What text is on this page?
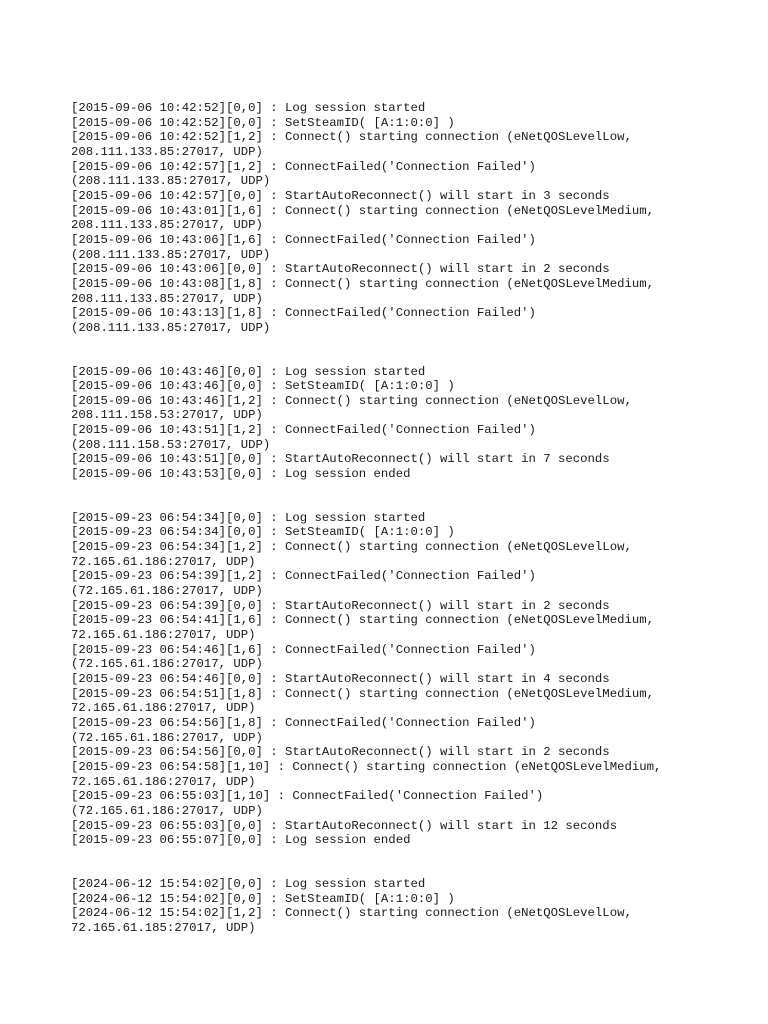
[2015-09-06 10:42:52][0,0] : Log session started
[2015-09-06 10:42:52][0,0] : SetSteamID( [A:1:0:0] )
[2015-09-06 10:42:52][1,2] : Connect() starting connection (eNetQOSLevelLow,
208.111.133.85:27017, UDP)
[2015-09-06 10:42:57][1,2] : ConnectFailed('Connection Failed')
(208.111.133.85:27017, UDP)
[2015-09-06 10:42:57][0,0] : StartAutoReconnect() will start in 3 seconds
[2015-09-06 10:43:01][1,6] : Connect() starting connection (eNetQOSLevelMedium,
208.111.133.85:27017, UDP)
[2015-09-06 10:43:06][1,6] : ConnectFailed('Connection Failed')
(208.111.133.85:27017, UDP)
[2015-09-06 10:43:06][0,0] : StartAutoReconnect() will start in 2 seconds
[2015-09-06 10:43:08][1,8] : Connect() starting connection (eNetQOSLevelMedium,
208.111.133.85:27017, UDP)
[2015-09-06 10:43:13][1,8] : ConnectFailed('Connection Failed')
(208.111.133.85:27017, UDP)
[2015-09-06 10:43:46][0,0] : Log session started
[2015-09-06 10:43:46][0,0] : SetSteamID( [A:1:0:0] )
[2015-09-06 10:43:46][1,2] : Connect() starting connection (eNetQOSLevelLow,
208.111.158.53:27017, UDP)
[2015-09-06 10:43:51][1,2] : ConnectFailed('Connection Failed')
(208.111.158.53:27017, UDP)
[2015-09-06 10:43:51][0,0] : StartAutoReconnect() will start in 7 seconds
[2015-09-06 10:43:53][0,0] : Log session ended
[2015-09-23 06:54:34][0,0] : Log session started
[2015-09-23 06:54:34][0,0] : SetSteamID( [A:1:0:0] )
[2015-09-23 06:54:34][1,2] : Connect() starting connection (eNetQOSLevelLow,
72.165.61.186:27017, UDP)
[2015-09-23 06:54:39][1,2] : ConnectFailed('Connection Failed')
(72.165.61.186:27017, UDP)
[2015-09-23 06:54:39][0,0] : StartAutoReconnect() will start in 2 seconds
[2015-09-23 06:54:41][1,6] : Connect() starting connection (eNetQOSLevelMedium,
72.165.61.186:27017, UDP)
[2015-09-23 06:54:46][1,6] : ConnectFailed('Connection Failed')
(72.165.61.186:27017, UDP)
[2015-09-23 06:54:46][0,0] : StartAutoReconnect() will start in 4 seconds
[2015-09-23 06:54:51][1,8] : Connect() starting connection (eNetQOSLevelMedium,
72.165.61.186:27017, UDP)
[2015-09-23 06:54:56][1,8] : ConnectFailed('Connection Failed')
(72.165.61.186:27017, UDP)
[2015-09-23 06:54:56][0,0] : StartAutoReconnect() will start in 2 seconds
[2015-09-23 06:54:58][1,10] : Connect() starting connection (eNetQOSLevelMedium,
72.165.61.186:27017, UDP)
[2015-09-23 06:55:03][1,10] : ConnectFailed('Connection Failed')
(72.165.61.186:27017, UDP)
[2015-09-23 06:55:03][0,0] : StartAutoReconnect() will start in 12 seconds
[2015-09-23 06:55:07][0,0] : Log session ended
[2024-06-12 15:54:02][0,0] : Log session started
[2024-06-12 15:54:02][0,0] : SetSteamID( [A:1:0:0] )
[2024-06-12 15:54:02][1,2] : Connect() starting connection (eNetQOSLevelLow,
72.165.61.185:27017, UDP)
